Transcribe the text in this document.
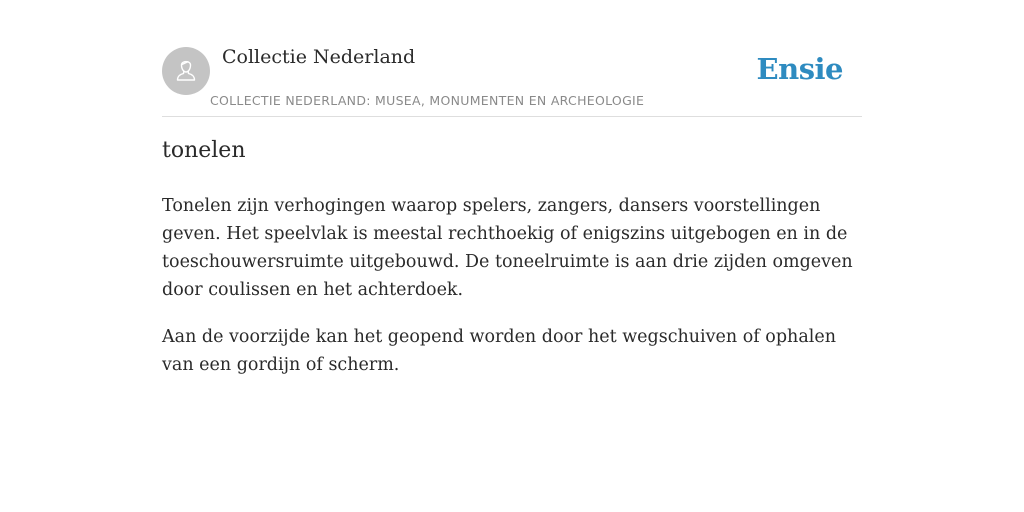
Collectie Nederland
COLLECTIE NEDERLAND: MUSEA, MONUMENTEN EN ARCHEOLOGIE
Ensie
tonelen

Tonelen zijn verhogingen waarop spelers, zangers, dansers voorstellingen geven. Het speelvlak is meestal rechthoekig of enigszins uitgebogen en in de toeschouwersruimte uitgebouwd. De toneelruimte is aan drie zijden omgeven door coulissen en het achterdoek.

Aan de voorzijde kan het geopend worden door het wegschuiven of ophalen van een gordijn of scherm.
